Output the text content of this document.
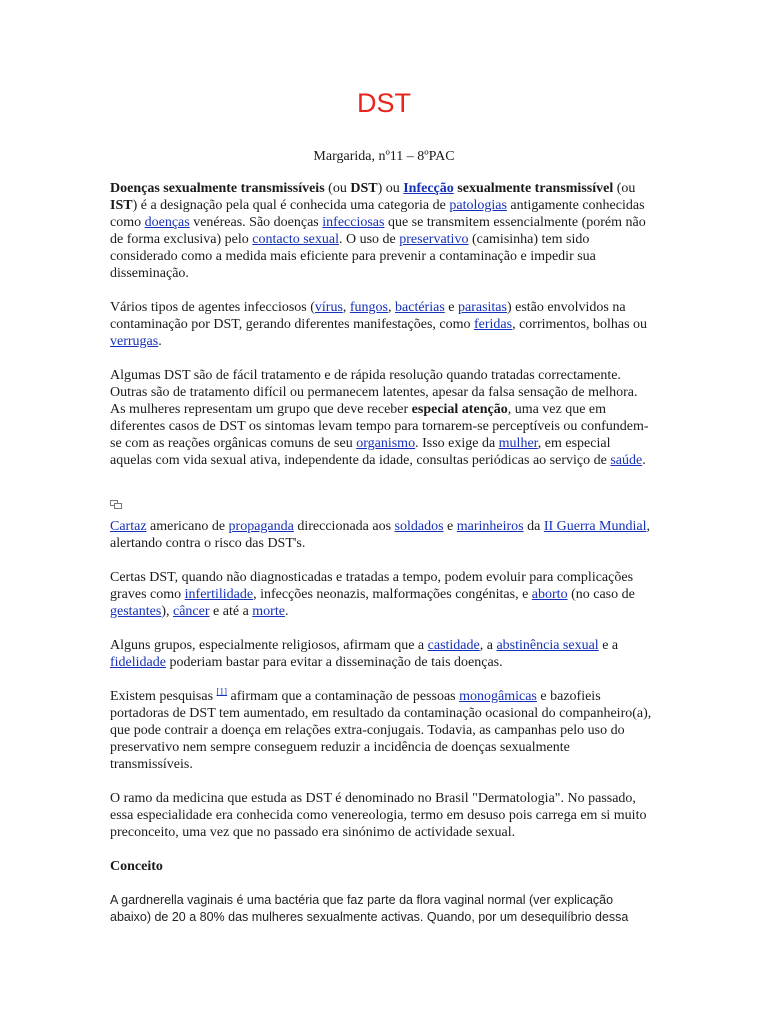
DST

Margarida, nº11 – 8ºPAC

Doenças sexualmente transmissíveis (ou DST) ou Infecção sexualmente transmissível (ou IST) é a designação pela qual é conhecida uma categoria de patologias antigamente conhecidas como doenças venéreas. São doenças infecciosas que se transmitem essencialmente (porém não de forma exclusiva) pelo contacto sexual. O uso de preservativo (camisinha) tem sido considerado como a medida mais eficiente para prevenir a contaminação e impedir sua disseminação.

Vários tipos de agentes infecciosos (vírus, fungos, bactérias e parasitas) estão envolvidos na contaminação por DST, gerando diferentes manifestações, como feridas, corrimentos, bolhas ou verrugas.

Algumas DST são de fácil tratamento e de rápida resolução quando tratadas correctamente. Outras são de tratamento difícil ou permanecem latentes, apesar da falsa sensação de melhora. As mulheres representam um grupo que deve receber especial atenção, uma vez que em diferentes casos de DST os sintomas levam tempo para tornarem-se perceptíveis ou confundem-se com as reações orgânicas comuns de seu organismo. Isso exige da mulher, em especial aquelas com vida sexual ativa, independente da idade, consultas periódicas ao serviço de saúde.

Cartaz americano de propaganda direccionada aos soldados e marinheiros da II Guerra Mundial, alertando contra o risco das DST's.

Certas DST, quando não diagnosticadas e tratadas a tempo, podem evoluir para complicações graves como infertilidade, infecções neonazis, malformações congénitas, e aborto (no caso de gestantes), câncer e até a morte.

Alguns grupos, especialmente religiosos, afirmam que a castidade, a abstinência sexual e a fidelidade poderiam bastar para evitar a disseminação de tais doenças.

Existem pesquisas [1] afirmam que a contaminação de pessoas monogâmicas e bazofieis portadoras de DST tem aumentado, em resultado da contaminação ocasional do companheiro(a), que pode contrair a doença em relações extra-conjugais. Todavia, as campanhas pelo uso do preservativo nem sempre conseguem reduzir a incidência de doenças sexualmente transmissíveis.

O ramo da medicina que estuda as DST é denominado no Brasil "Dermatologia". No passado, essa especialidade era conhecida como venereologia, termo em desuso pois carrega em si muito preconceito, uma vez que no passado era sinónimo de actividade sexual.

Conceito

A gardnerella vaginais é uma bactéria que faz parte da flora vaginal normal (ver explicação abaixo) de 20 a 80% das mulheres sexualmente activas. Quando, por um desequilíbrio dessa
